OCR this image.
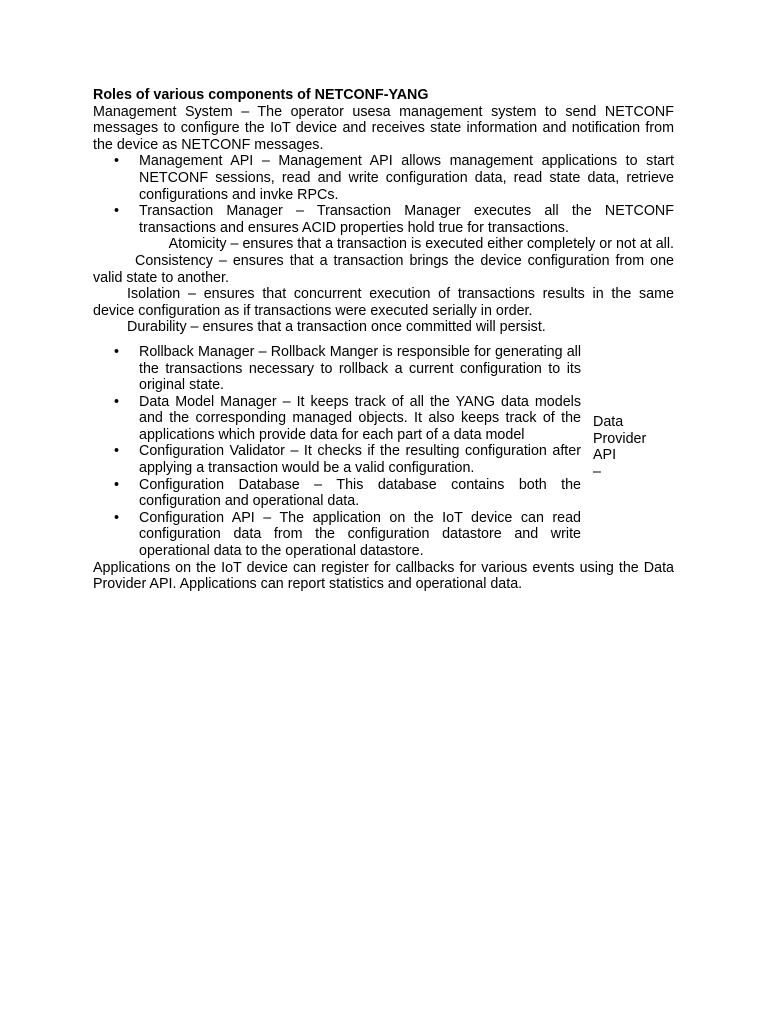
Roles of various components of NETCONF-YANG

Management System – The operator usesa management system to send NETCONF messages to configure the IoT device and receives state information and notification from the device as NETCONF messages.

• Management API – Management API allows management applications to start NETCONF sessions, read and write configuration data, read state data, retrieve configurations and invke RPCs.
• Transaction Manager – Transaction Manager executes all the NETCONF transactions and ensures ACID properties hold true for transactions.

Atomicity – ensures that a transaction is executed either completely or not at all.

Consistency – ensures that a transaction brings the device configuration from one valid state to another.

Isolation – ensures that concurrent execution of transactions results in the same device configuration as if transactions were executed serially in order.

Durability – ensures that a transaction once committed will persist.

• Rollback Manager – Rollback Manger is responsible for generating all the transactions necessary to rollback a current configuration to its original state.
• Data Model Manager – It keeps track of all the YANG data models and the corresponding managed objects. It also keeps track of the applications which provide data for each part of a data model
• Configuration Validator – It checks if the resulting configuration after applying a transaction would be a valid configuration.
• Configuration Database – This database contains both the configuration and operational data.
• Configuration API – The application on the IoT device can read configuration data from the configuration datastore and write operational data to the operational datastore.
Data
Provider
API
–

Applications on the IoT device can register for callbacks for various events using the Data Provider API. Applications can report statistics and operational data.
